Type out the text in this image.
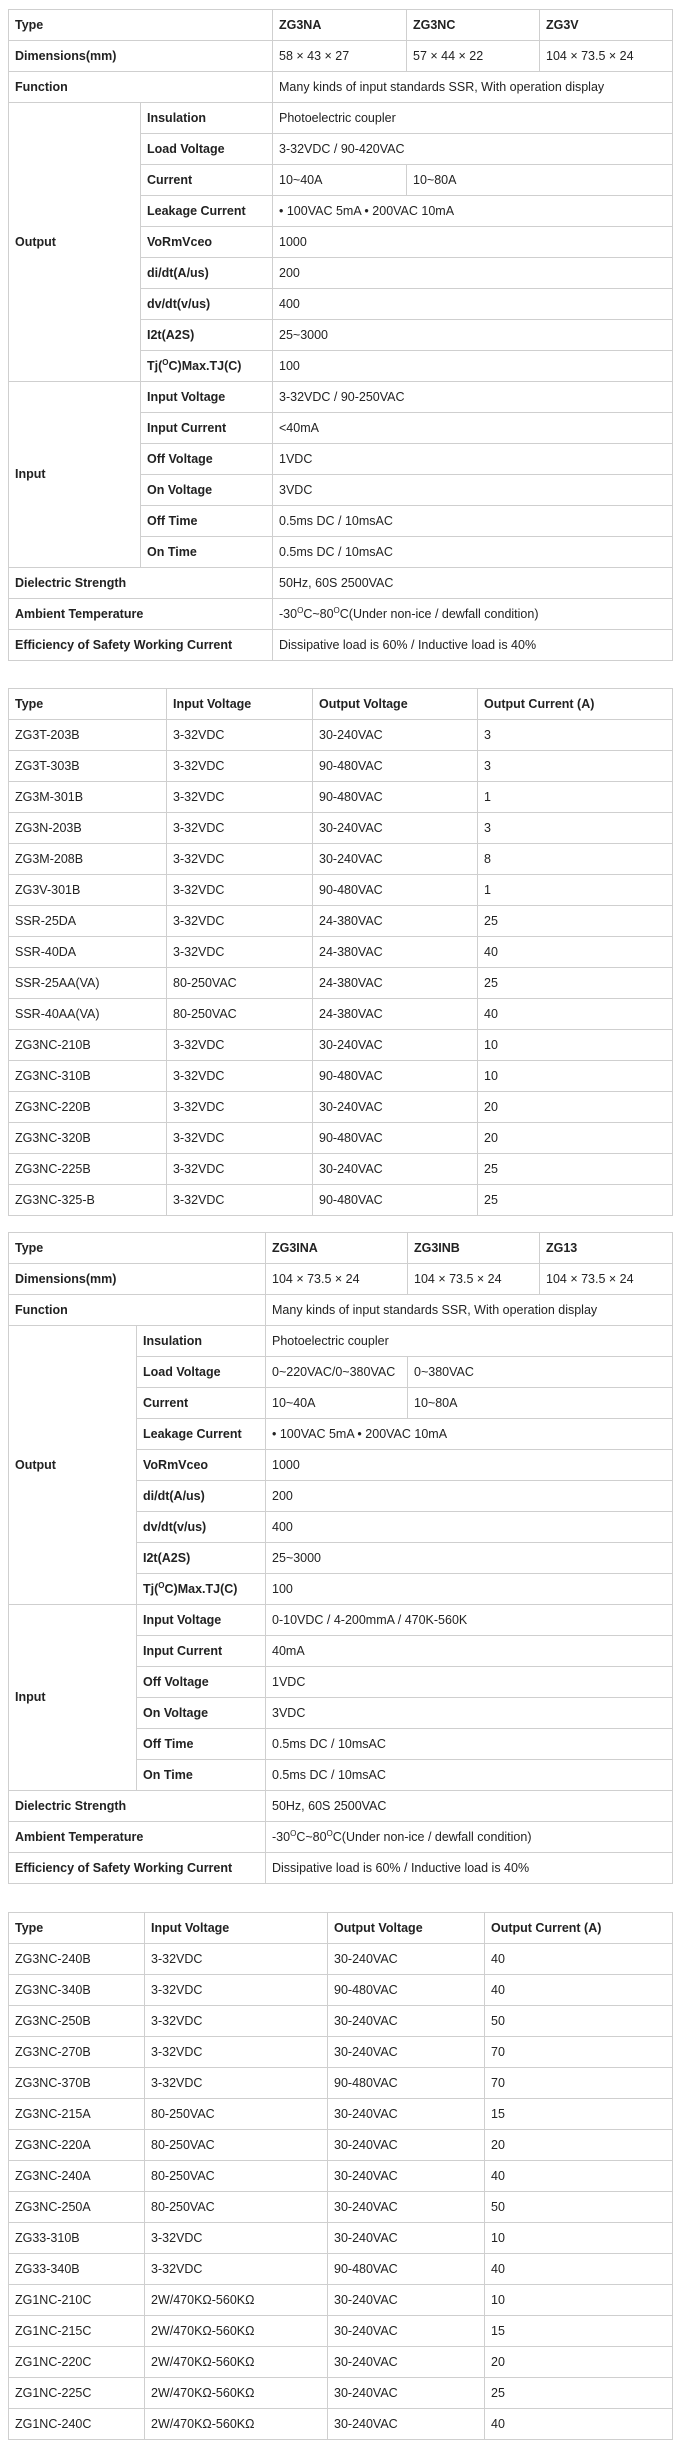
Type		ZG3NA	ZG3NC	ZG3V
Dimensions(mm)		58 × 43 × 27	57 × 44 × 22	104 × 73.5 × 24
Function		Many kinds of input standards SSR, With operation display		
Output	Insulation	Photoelectric coupler		
	Load Voltage	3-32VDC / 90-420VAC		
	Current	10~40A	10~80A	
	Leakage Current	• 100VAC 5mA • 200VAC 10mA		
	VoRmVceo	1000		
	di/dt(A/us)	200		
	dv/dt(v/us)	400		
	I2t(A2S)	25~3000		
	Tj($^O$C)Max.TJ(C)	100		
Input	Input Voltage	3-32VDC / 90-250VAC		
	Input Current	<40mA		
	Off Voltage	1VDC		
	On Voltage	3VDC		
	Off Time	0.5ms DC / 10msAC		
	On Time	0.5ms DC / 10msAC		
Dielectric Strength		50Hz, 60S 2500VAC		
Ambient Temperature		$-30^OC\sim 80^OC(Under$ non-ice / dewfall condition)		
Efficiency of Safety Working Current		Dissipative load is 60% / Inductive load is 40%		
Type	Input Voltage	Output Voltage	Output Current (A)
ZG3T-203B	3-32VDC	30-240VAC	3
ZG3T-303B	3-32VDC	90-480VAC	3
ZG3M-301B	3-32VDC	90-480VAC	1
ZG3N-203B	3-32VDC	30-240VAC	3
ZG3M-208B	3-32VDC	30-240VAC	8
ZG3V-301B	3-32VDC	90-480VAC	1
SSR-25DA	3-32VDC	24-380VAC	25
SSR-40DA	3-32VDC	24-380VAC	40
SSR-25AA(VA)	80-250VAC	24-380VAC	25
SSR-40AA(VA)	80-250VAC	24-380VAC	40
ZG3NC-210B	3-32VDC	30-240VAC	10
ZG3NC-310B	3-32VDC	90-480VAC	10
ZG3NC-220B	3-32VDC	30-240VAC	20
ZG3NC-320B	3-32VDC	90-480VAC	20
ZG3NC-225B	3-32VDC	30-240VAC	25
ZG3NC-325-B	3-32VDC	90-480VAC	25
Type		ZG3INA	ZG3INB	ZG13
Dimensions(mm)		104 × 73.5 × 24	104 × 73.5 × 24	104 × 73.5 × 24
Function		Many kinds of input standards SSR, With operation display		
Output	Insulation	Photoelectric coupler		
	Load Voltage	0~220VAC/0~380VAC	0~380VAC	
	Current	10~40A	10~80A	
	Leakage Current	• 100VAC 5mA • 200VAC 10mA		
	VoRmVceo	1000		
	di/dt(A/us)	200		
	dv/dt(v/us)	400		
	I2t(A2S)	25~3000		
	Tj($^O$C)Max.TJ(C)	100		
Input	Input Voltage	0-10VDC / 4-200mmA / 470K-560K		
	Input Current	40mA		
	Off Voltage	1VDC		
	On Voltage	3VDC		
	Off Time	0.5ms DC / 10msAC		
	On Time	0.5ms DC / 10msAC		
Dielectric Strength		50Hz, 60S 2500VAC		
Ambient Temperature		$-30^OC\sim 80^OC(Under$ non-ice / dewfall condition)		
Efficiency of Safety Working Current		Dissipative load is 60% / Inductive load is 40%		
Type	Input Voltage	Output Voltage	Output Current (A)
ZG3NC-240B	3-32VDC	30-240VAC	40
ZG3NC-340B	3-32VDC	90-480VAC	40
ZG3NC-250B	3-32VDC	30-240VAC	50
ZG3NC-270B	3-32VDC	30-240VAC	70
ZG3NC-370B	3-32VDC	90-480VAC	70
ZG3NC-215A	80-250VAC	30-240VAC	15
ZG3NC-220A	80-250VAC	30-240VAC	20
ZG3NC-240A	80-250VAC	30-240VAC	40
ZG3NC-250A	80-250VAC	30-240VAC	50
ZG33-310B	3-32VDC	30-240VAC	10
ZG33-340B	3-32VDC	90-480VAC	40
ZG1NC-210C	2W/470KΩ-560KΩ	30-240VAC	10
ZG1NC-215C	2W/470KΩ-560KΩ	30-240VAC	15
ZG1NC-220C	2W/470KΩ-560KΩ	30-240VAC	20
ZG1NC-225C	2W/470KΩ-560KΩ	30-240VAC	25
ZG1NC-240C	2W/470KΩ-560KΩ	30-240VAC	40
